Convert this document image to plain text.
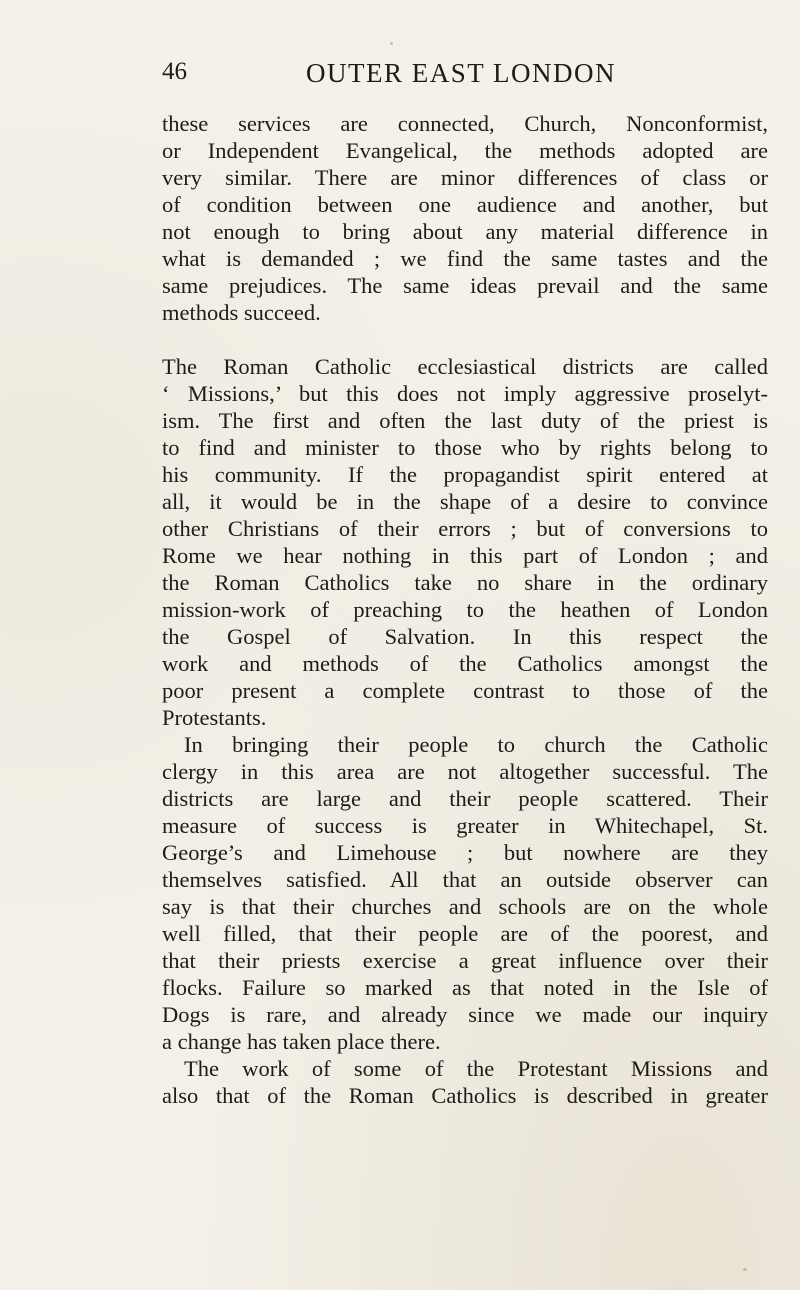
46	OUTER EAST LONDON
these services are connected, Church, Nonconformist,
or Independent Evangelical, the methods adopted are
very similar. There are minor differences of class or
of condition between one audience and another, but
not enough to bring about any material difference in
what is demanded ; we find the same tastes and the
same prejudices. The same ideas prevail and the same
methods succeed.
The Roman Catholic ecclesiastical districts are called
‘ Missions,’ but this does not imply aggressive proselyt-
ism. The first and often the last duty of the priest is
to find and minister to those who by rights belong to
his community. If the propagandist spirit entered at
all, it would be in the shape of a desire to convince
other Christians of their errors ; but of conversions to
Rome we hear nothing in this part of London ; and
the Roman Catholics take no share in the ordinary
mission-work of preaching to the heathen of London
the Gospel of Salvation. In this respect the
work and methods of the Catholics amongst the
poor present a complete contrast to those of the
Protestants.
In bringing their people to church the Catholic
clergy in this area are not altogether successful. The
districts are large and their people scattered. Their
measure of success is greater in Whitechapel, St.
George’s and Limehouse ; but nowhere are they
themselves satisfied. All that an outside observer can
say is that their churches and schools are on the whole
well filled, that their people are of the poorest, and
that their priests exercise a great influence over their
flocks. Failure so marked as that noted in the Isle of
Dogs is rare, and already since we made our inquiry
a change has taken place there.
The work of some of the Protestant Missions and
also that of the Roman Catholics is described in greater
